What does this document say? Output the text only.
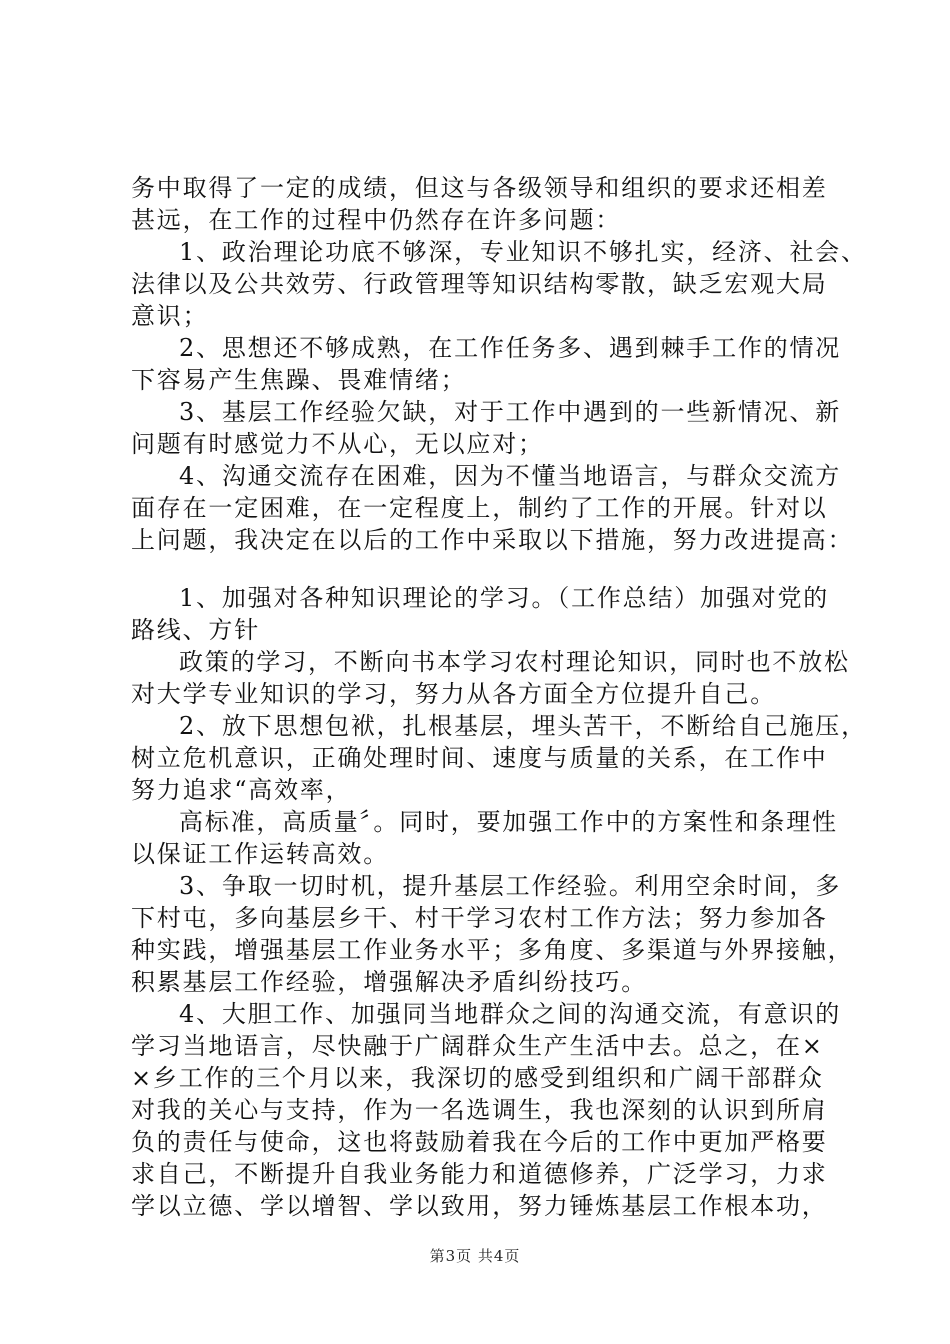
务中取得了一定的成绩，但这与各级领导和组织的要求还相差
甚远，在工作的过程中仍然存在许多问题：
1、政治理论功底不够深，专业知识不够扎实，经济、社会、
法律以及公共效劳、行政管理等知识结构零散，缺乏宏观大局
意识；
2、思想还不够成熟，在工作任务多、遇到棘手工作的情况
下容易产生焦躁、畏难情绪；
3、基层工作经验欠缺，对于工作中遇到的一些新情况、新
问题有时感觉力不从心，无以应对；
4、沟通交流存在困难，因为不懂当地语言，与群众交流方
面存在一定困难，在一定程度上，制约了工作的开展。针对以
上问题，我决定在以后的工作中采取以下措施，努力改进提高：
1、加强对各种知识理论的学习。（工作总结）加强对党的
路线、方针
政策的学习，不断向书本学习农村理论知识，同时也不放松
对大学专业知识的学习，努力从各方面全方位提升自己。
2、放下思想包袱，扎根基层，埋头苦干，不断给自己施压，
树立危机意识，正确处理时间、速度与质量的关系，在工作中
努力追求“高效率，
高标准，高质量〞。同时，要加强工作中的方案性和条理性
以保证工作运转高效。
3、争取一切时机，提升基层工作经验。利用空余时间，多
下村屯，多向基层乡干、村干学习农村工作方法；努力参加各
种实践，增强基层工作业务水平；多角度、多渠道与外界接触，
积累基层工作经验，增强解决矛盾纠纷技巧。
4、大胆工作、加强同当地群众之间的沟通交流，有意识的
学习当地语言，尽快融于广阔群众生产生活中去。总之，在×
×乡工作的三个月以来，我深切的感受到组织和广阔干部群众
对我的关心与支持，作为一名选调生，我也深刻的认识到所肩
负的责任与使命，这也将鼓励着我在今后的工作中更加严格要
求自己，不断提升自我业务能力和道德修养，广泛学习，力求
学以立德、学以增智、学以致用，努力锤炼基层工作根本功，
第3页 共4页
